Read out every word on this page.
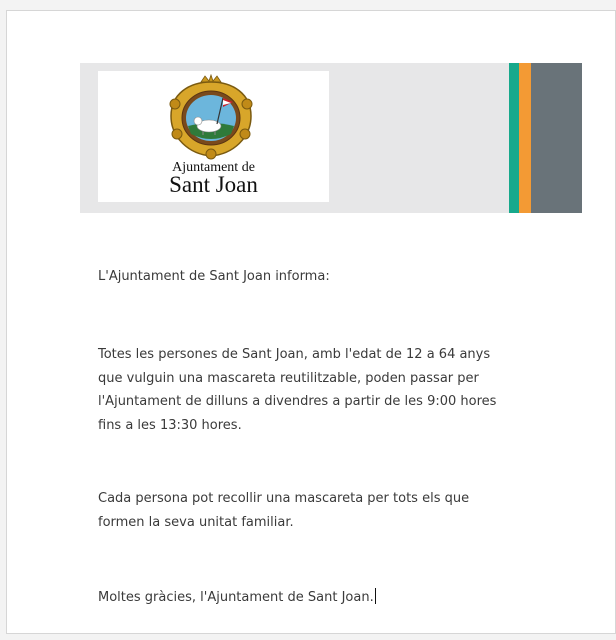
Ajuntament de
Sant Joan
L'Ajuntament de Sant Joan informa:
Totes les persones de Sant Joan, amb l'edat de 12 a 64 anys
que vulguin una mascareta reutilitzable, poden passar per
l'Ajuntament de dilluns a divendres a partir de les 9:00 hores
fins a les 13:30 hores.
Cada persona pot recollir una mascareta per tots els que
formen la seva unitat familiar.
Moltes gràcies, l'Ajuntament de Sant Joan.
